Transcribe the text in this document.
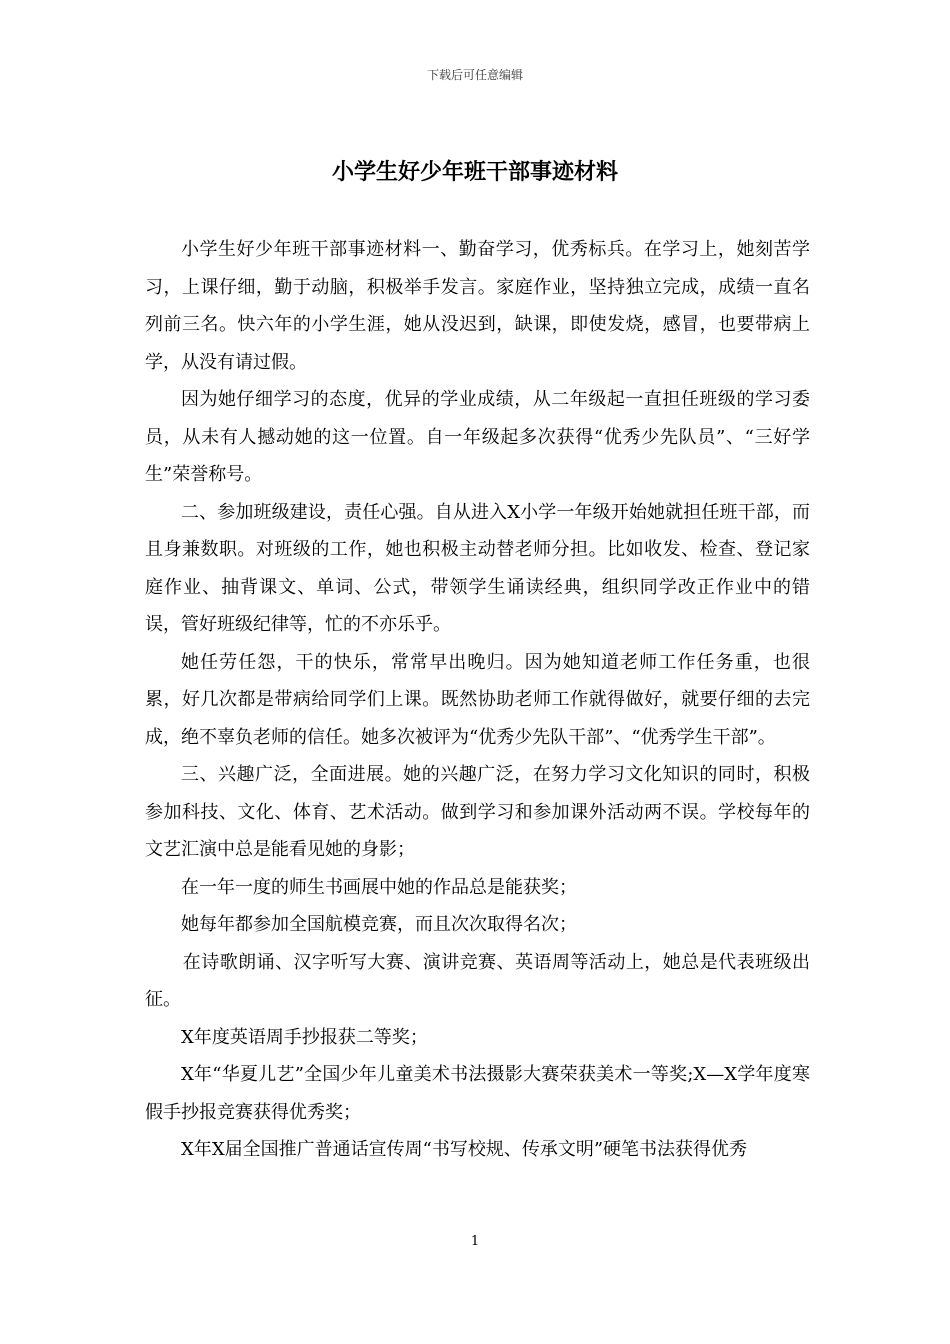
下载后可任意编辑
小学生好少年班干部事迹材料

小学生好少年班干部事迹材料一、勤奋学习，优秀标兵。在学习上，她刻苦学习，上课仔细，勤于动脑，积极举手发言。家庭作业，坚持独立完成，成绩一直名列前三名。快六年的小学生涯，她从没迟到，缺课，即使发烧，感冒，也要带病上学，从没有请过假。

因为她仔细学习的态度，优异的学业成绩，从二年级起一直担任班级的学习委员，从未有人撼动她的这一位置。自一年级起多次获得“优秀少先队员”、“三好学生”荣誉称号。

二、参加班级建设，责任心强。自从进入X小学一年级开始她就担任班干部，而且身兼数职。对班级的工作，她也积极主动替老师分担。比如收发、检查、登记家庭作业、抽背课文、单词、公式，带领学生诵读经典，组织同学改正作业中的错误，管好班级纪律等，忙的不亦乐乎。

她任劳任怨，干的快乐，常常早出晚归。因为她知道老师工作任务重，也很累，好几次都是带病给同学们上课。既然协助老师工作就得做好，就要仔细的去完成，绝不辜负老师的信任。她多次被评为“优秀少先队干部”、“优秀学生干部”。

三、兴趣广泛，全面进展。她的兴趣广泛，在努力学习文化知识的同时，积极参加科技、文化、体育、艺术活动。做到学习和参加课外活动两不误。学校每年的文艺汇演中总是能看见她的身影；

在一年一度的师生书画展中她的作品总是能获奖；

她每年都参加全国航模竞赛，而且次次取得名次；

在诗歌朗诵、汉字听写大赛、演讲竞赛、英语周等活动上，她总是代表班级出征。

X年度英语周手抄报获二等奖；

X年“华夏儿艺”全国少年儿童美术书法摄影大赛荣获美术一等奖;X—X学年度寒假手抄报竞赛获得优秀奖；

X年X届全国推广普通话宣传周“书写校规、传承文明”硬笔书法获得优秀

1
